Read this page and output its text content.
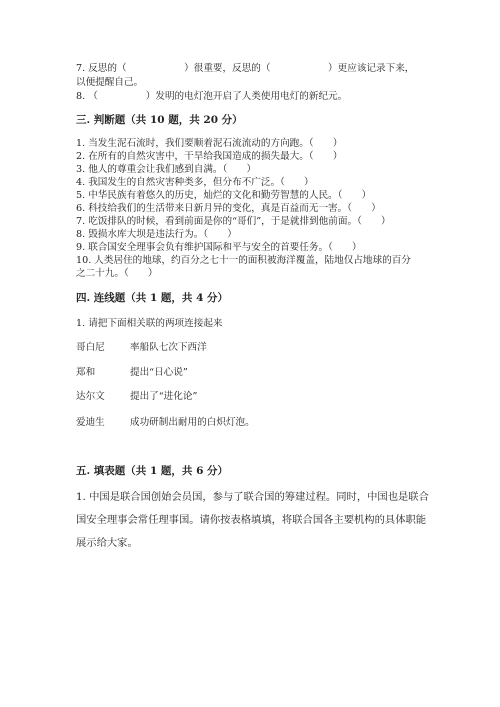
7. 反思的（　　　　　　）很重要，反思的（　　　　　　）更应该记录下来，
以便提醒自己。
8. （　　　　　）发明的电灯泡开启了人类使用电灯的新纪元。
三. 判断题（共 10 题，共 20 分）
1. 当发生泥石流时，我们要顺着泥石流流动的方向跑。（　　）
2. 在所有的自然灾害中，干旱给我国造成的损失最大。（　　）
3. 他人的尊重会让我们感到自满。（　　）
4. 我国发生的自然灾害种类多，但分布不广泛。（　　）
5. 中华民族有着悠久的历史，灿烂的文化和勤劳智慧的人民。（　　）
6. 科技给我们的生活带来日新月异的变化，真是百益而无一害。（　　）
7. 吃饭排队的时候，看到前面是你的“哥们”，于是就排到他前面。（　　）
8. 毁损水库大坝是违法行为。（　　）
9. 联合国安全理事会负有维护国际和平与安全的首要任务。（　　）
10. 人类居住的地球，约百分之七十一的面积被海洋覆盖，陆地仅占地球的百分
之二十九。（　　）
四. 连线题（共 1 题，共 4 分）
1. 请把下面相关联的两项连接起来
哥白尼	率船队七次下西洋
郑和	提出“日心说”
达尔文	提出了“进化论”
爱迪生	成功研制出耐用的白炽灯泡。
五. 填表题（共 1 题，共 6 分）
1. 中国是联合国创始会员国，参与了联合国的筹建过程。同时，中国也是联合
国安全理事会常任理事国。请你按表格填填，将联合国各主要机构的具体职能
展示给大家。
